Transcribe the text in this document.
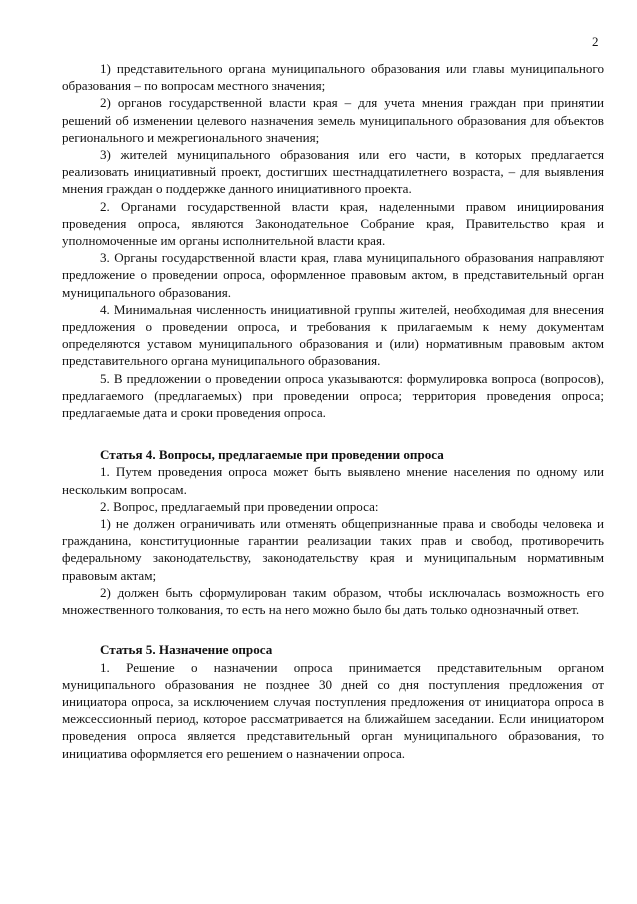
2

1) представительного органа муниципального образования или главы муниципального образования – по вопросам местного значения;

2) органов государственной власти края – для учета мнения граждан при принятии решений об изменении целевого назначения земель муниципального образования для объектов регионального и межрегионального значения;

3) жителей муниципального образования или его части, в которых предлагается реализовать инициативный проект, достигших шестнадцатилетнего возраста, – для выявления мнения граждан о поддержке данного инициативного проекта.

2. Органами государственной власти края, наделенными правом инициирования проведения опроса, являются Законодательное Собрание края, Правительство края и уполномоченные им органы исполнительной власти края.

3. Органы государственной власти края, глава муниципального образования направляют предложение о проведении опроса, оформленное правовым актом, в представительный орган муниципального образования.

4. Минимальная численность инициативной группы жителей, необходимая для внесения предложения о проведении опроса, и требования к прилагаемым к нему документам определяются уставом муниципального образования и (или) нормативным правовым актом представительного органа муниципального образования.

5. В предложении о проведении опроса указываются: формулировка вопроса (вопросов), предлагаемого (предлагаемых) при проведении опроса; территория проведения опроса; предлагаемые дата и сроки проведения опроса.

Статья 4. Вопросы, предлагаемые при проведении опроса

1. Путем проведения опроса может быть выявлено мнение населения по одному или нескольким вопросам.

2. Вопрос, предлагаемый при проведении опроса:

1) не должен ограничивать или отменять общепризнанные права и свободы человека и гражданина, конституционные гарантии реализации таких прав и свобод, противоречить федеральному законодательству, законодательству края и муниципальным нормативным правовым актам;

2) должен быть сформулирован таким образом, чтобы исключалась возможность его множественного толкования, то есть на него можно было бы дать только однозначный ответ.

Статья 5. Назначение опроса

1. Решение о назначении опроса принимается представительным органом муниципального образования не позднее 30 дней со дня поступления предложения от инициатора опроса, за исключением случая поступления предложения от инициатора опроса в межсессионный период, которое рассматривается на ближайшем заседании. Если инициатором проведения опроса является представительный орган муниципального образования, то инициатива оформляется его решением о назначении опроса.
